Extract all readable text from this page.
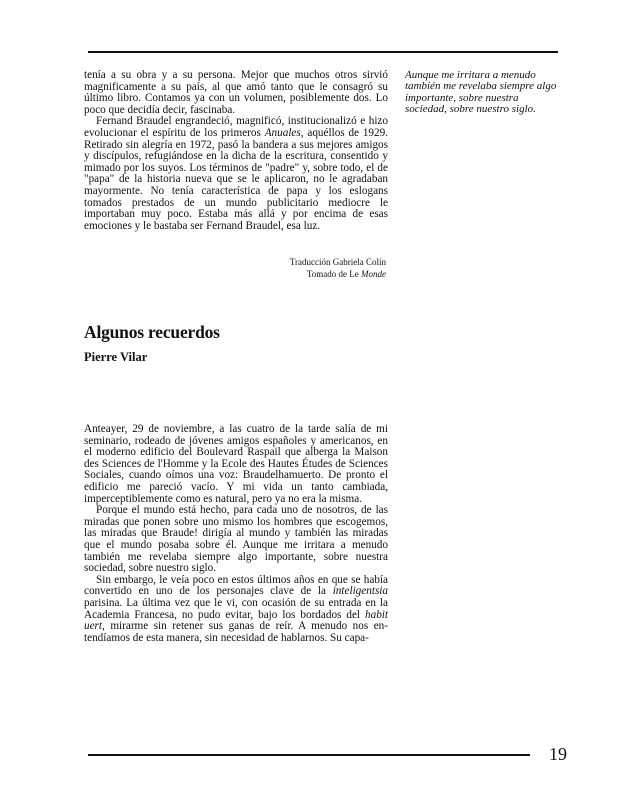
tenía a su obra y a su persona. Mejor que muchos otros sirvió magnificamente a su país, al que amó tanto que le consagró su último libro. Contamos ya con un volumen, posiblemente dos. Lo poco que decidía decir, fascinaba.

Fernand Braudel engrandeció, magnificó, institucionalizó e hizo evolucionar el espíritu de los primeros Anuales, aquéllos de 1929. Retirado sin alegría en 1972, pasó la bandera a sus mejores amigos y discípulos, refugiándose en la dicha de la escritura, consentido y mimado por los suyos. Los términos de "padre" y, sobre todo, el de "papa" de la historia nueva que se le aplicaron, no le agradaban mayormente. No tenía característica de papa y los eslogans tomados prestados de un mundo publicitario mediocre le importaban muy poco. Estaba más allá y por encima de esas emociones y le bastaba ser Fernand Braudel, esa luz.

Aunque me irritara a menudo también me revelaba siempre algo importante, sobre nuestra sociedad, sobre nuestro siglo.

Traducción Gabriela Colín
Tomado de Le Monde
Algunos recuerdos
Pierre Vilar

Anteayer, 29 de noviembre, a las cuatro de la tarde salía de mi seminario, rodeado de jóvenes amigos españoles y americanos, en el moderno edificio del Boulevard Raspail que alberga la Maison des Sciences de l'Homme y la Ecole des Hautes Études de Sciences Sociales, cuando oímos una voz: Braudelhamuerto. De pronto el edificio me pareció vacío. Y mi vida un tanto cambiada, imperceptiblemente como es natural, pero ya no era la misma.

Porque el mundo está hecho, para cada uno de nosotros, de las miradas que ponen sobre uno mismo los hombres que escogemos, las miradas que Braude! dirigía al mundo y también las miradas que el mundo posaba sobre él. Aunque me irritara a menudo también me revelaba siempre algo importante, sobre nuestra sociedad, sobre nuestro siglo.

Sin embargo, le veía poco en estos últimos años en que se había convertido en uno de los personajes clave de la inteligentsia parisina. La última vez que le vi, con ocasión de su entrada en la Academia Francesa, no pudo evitar, bajo los bordados del habit uert, mirarme sin retener sus ganas de reír. A menudo nos entendíamos de esta manera, sin necesidad de hablarnos. Su capa-

19
